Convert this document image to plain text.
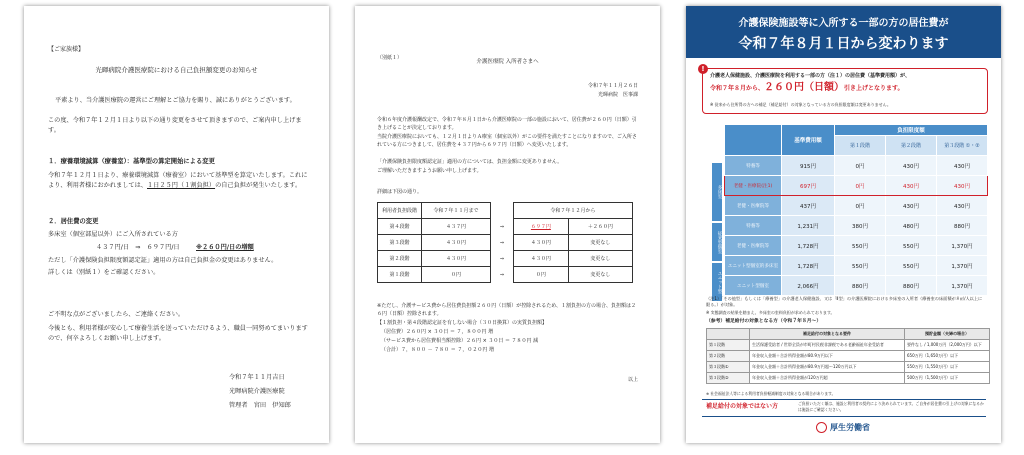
【ご家族様】
光暉病院介護医療院における自己負担額変更のお知らせ
平素より、当介護医療院の運営にご理解とご協力を賜り、誠にありがとうございます。
この度、令和７年１２月１日より以下の通り変更をさせて頂きますので、ご案内申し上げます。
１．療養環境減算（療養室）：基準型の算定開始による変更
令和７年１２月１日より、療養環境減算（療養室）において基準型を算定いたします。これにより、利用者様におかれましては、１日２５円（１割負担）の自己負担が発生いたします。
２．居住費の変更
多床室（個室部屋以外）にご入所されている方
４３７円/日　⇒　６９７円/日	※２６０円/日の増額
ただし「介護保険負担限度額認定証」適用の方は自己負担金の変更はありません。
詳しくは（別紙１）をご確認ください。
ご不明な点がございましたら、ご連絡ください。
今後とも、利用者様が安心して療養生活を送っていただけるよう、職員一同努めてまいりますので、何卒よろしくお願い申し上げます。
令和７年１１月吉日
光暉病院介護医療院
管理者　宮田　伊知郎
（別紙１）
介護医療院 入所者さまへ
令和７年１１月２６日
光暉病院　医事課
令和６年度介護報酬改定で、令和７年８月１日から介護医療院の一部の施設において、居住費が２６０円（日額）引き上げることが決定しております。
当院介護医療院においても、１２月１日よりＡ療室（個室以外）がこの要件を満たすことになりますので、ご入所されている方につきまして、居住費を４３７円から６９７円（日額）へ変更いたします。
「介護保険負担限度額認定証」適用の方については、負担金額に変更ありません。
ご理解いただきますようお願い申し上げます。
詳細は下図の通り。
利用者負担段階	令和７年１１月まで		令和７年１２月から	
第４段階	４３７円	⇒	６９７円	＋２６０円
第３段階	４３０円	⇒	４３０円	変更なし
第２段階	４３０円	⇒	４３０円	変更なし
第１段階	０円	⇒	０円	変更なし
※ただし、介護サービス費から居住費負担額２６０円（日額）が控除されるため、１割負担の方の場合、負担額は２６円（日額）控除されます。
【１割負担・第４段階認定証を有しない場合（３０日換算）の実質負担額】
（居住費）２６０円 × ３０日 ＝ ７，８００円 増
（サービス費から居住費相当額控除）２６円 × ３０日 ＝ ７８０円 減
（合計）７，８００ － ７８０ ＝ ７，０２０円 増
以上
介護保険施設等に入所する一部の方の居住費が
令和７年８月１日から変わります
!
介護老人保健施設、介護医療院を利用する一部の方（注１）の居住費（基準費用額）が、
令和７年８月から、２６０円（日額）引き上げとなります。
※ 従来から住所得の方への補足（補足給付）の対象となっている方の負担限度額は変更ありません。
多床室
従来型個室
ユニット型
	基準費用額	負担限度額		
		第１段階	第２段階	第３段階 ①・②
特養等	915円	0円	430円	430円
老健・医療院(注1)	697円	0円	430円	430円
老健・医療院等	437円	0円	430円	430円
特養等	1,231円	380円	480円	880円
老健・医療院等	1,728円	550円	550円	1,370円
ユニット型個室的多床室	1,728円	550円	550円	1,370円
ユニット型個室	2,066円	880円	880円	1,370円
（注1）「その他型」もしくは「療養型」の介護老人保健施設、又は「Ⅱ型」の介護医療院における多床室の入所者（療養室の床面積が８㎡/人以上に限る。）が対象。
※ 実態調査の結果を踏まえ、多床室の室料負担が求められております。
（参考）補足給付の対象となる方（令和７年８月～）
	補足給付の対象となる要件	預貯金額（夫婦の場合）
第１段階	生活保護受給者 / 世帯全員が市町村民税非課税である老齢福祉年金受給者	要件なし / 1,000万円（2,000万円）以下
第２段階	年金収入金額＋合計所得金額が80.9万円以下	650万円（1,650万円）以下
第３段階①	年金収入金額＋合計所得金額が80.9万円超～120万円以下	550万円（1,550万円）以下
第３段階②	年金収入金額＋合計所得金額が120万円超	500万円（1,500万円）以下
※ 社会福祉法人等による利用者負担軽減制度の対象となる場合があります。
補足給付の対象ではない方	ご負担いただく額は、施設と利用者の契約により決められています。ご自身が居住費の引上げの対象になるかは施設にご確認ください。
厚生労働省
